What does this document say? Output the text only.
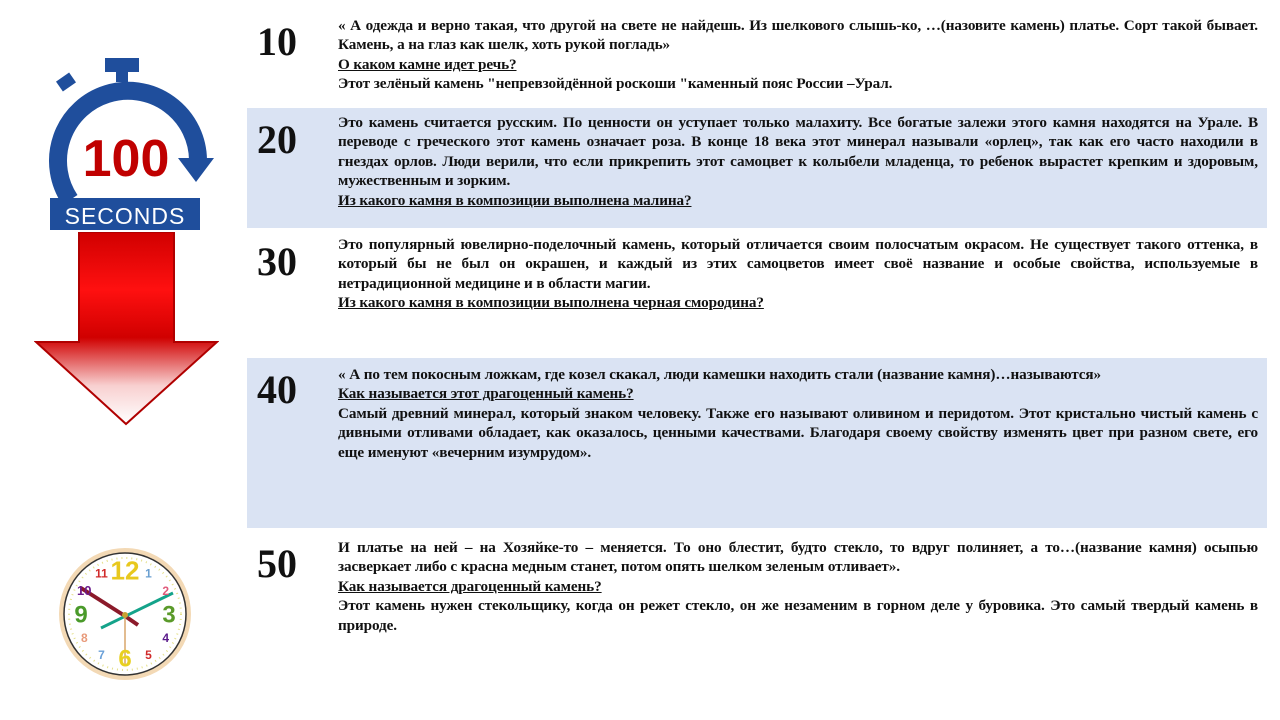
100
SECONDS
12 1
2
3
4
5
6
7
8
9
10
11
10	« А одежда и верно такая, что другой на свете не найдешь. Из шелкового слышь-ко, …(назовите камень) платье. Сорт такой бывает. Камень, а на глаз как шелк, хоть рукой погладь»

О каком камне идет речь?

Этот зелёный камень "непревзойдённой роскоши "каменный пояс России –Урал.

20	Это камень считается русским. По ценности он уступает только малахиту. Все богатые залежи этого камня находятся на Урале. В переводе с греческого этот камень означает роза. В конце 18 века этот минерал называли «орлец», так как его часто находили в гнездах орлов. Люди верили, что если прикрепить этот самоцвет к колыбели младенца, то ребенок вырастет крепким и здоровым, мужественным и зорким.

Из какого камня в композиции выполнена малина?

30	Это популярный ювелирно-поделочный камень, который отличается своим полосчатым окрасом. Не существует такого оттенка, в который бы не был он окрашен, и каждый из этих самоцветов имеет своё название и особые свойства, используемые в нетрадиционной медицине и в области магии.

Из какого камня в композиции выполнена черная смородина?

40	« А по тем покосным ложкам, где козел скакал, люди камешки находить стали (название камня)…называются»

Как называется этот драгоценный камень?

Самый древний минерал, который знаком человеку. Также его называют оливином и перидотом. Этот кристально чистый камень с дивными отливами обладает, как оказалось, ценными качествами. Благодаря своему свойству изменять цвет при разном свете, его еще именуют «вечерним изумрудом».

50	И платье на ней – на Хозяйке-то – меняется. То оно блестит, будто стекло, то вдруг полиняет, а то…(название камня) осыпью засверкает либо с красна медным станет, потом опять шелком зеленым отливает».

Как называется драгоценный камень?

Этот камень нужен стекольщику, когда он режет стекло, он же незаменим в горном деле у буровика. Это самый твердый камень в природе.
